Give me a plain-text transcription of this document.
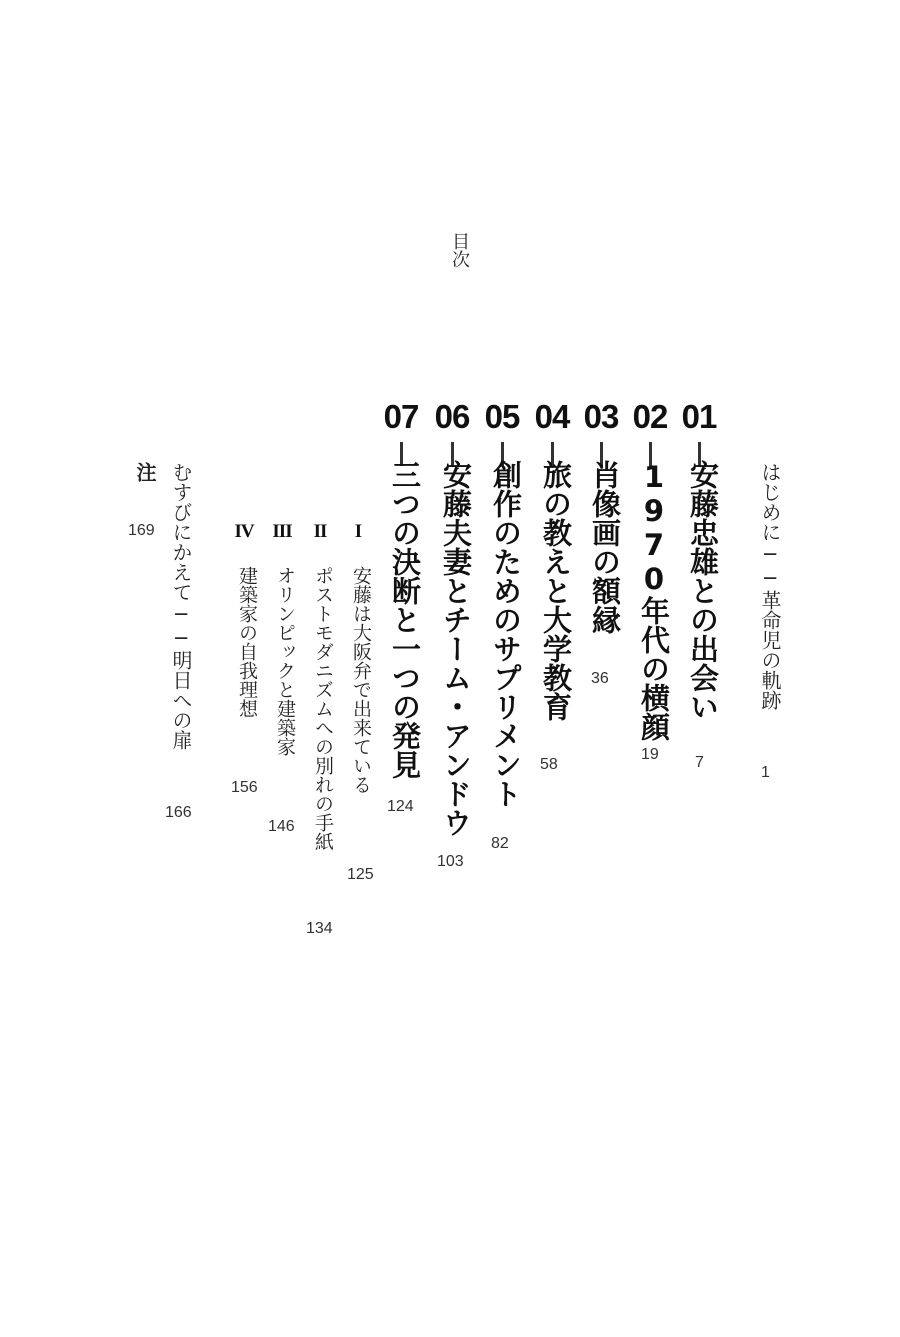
目次
はじめに──革命児の軌跡
1
01
安藤忠雄との出会い
7
02
1970年代の横顔
19
03
肖像画の額縁
36
04
旅の教えと大学教育
58
05
創作のためのサプリメント
82
06
安藤夫妻とチーム・アンドウ
103
07
三つの決断と一つの発見
124
I
安藤は大阪弁で出来ている
125
II
ポストモダニズムへの別れの手紙
134
III
オリンピックと建築家
146
IV
建築家の自我理想
156
むすびにかえて──明日への扉
166
注
169
